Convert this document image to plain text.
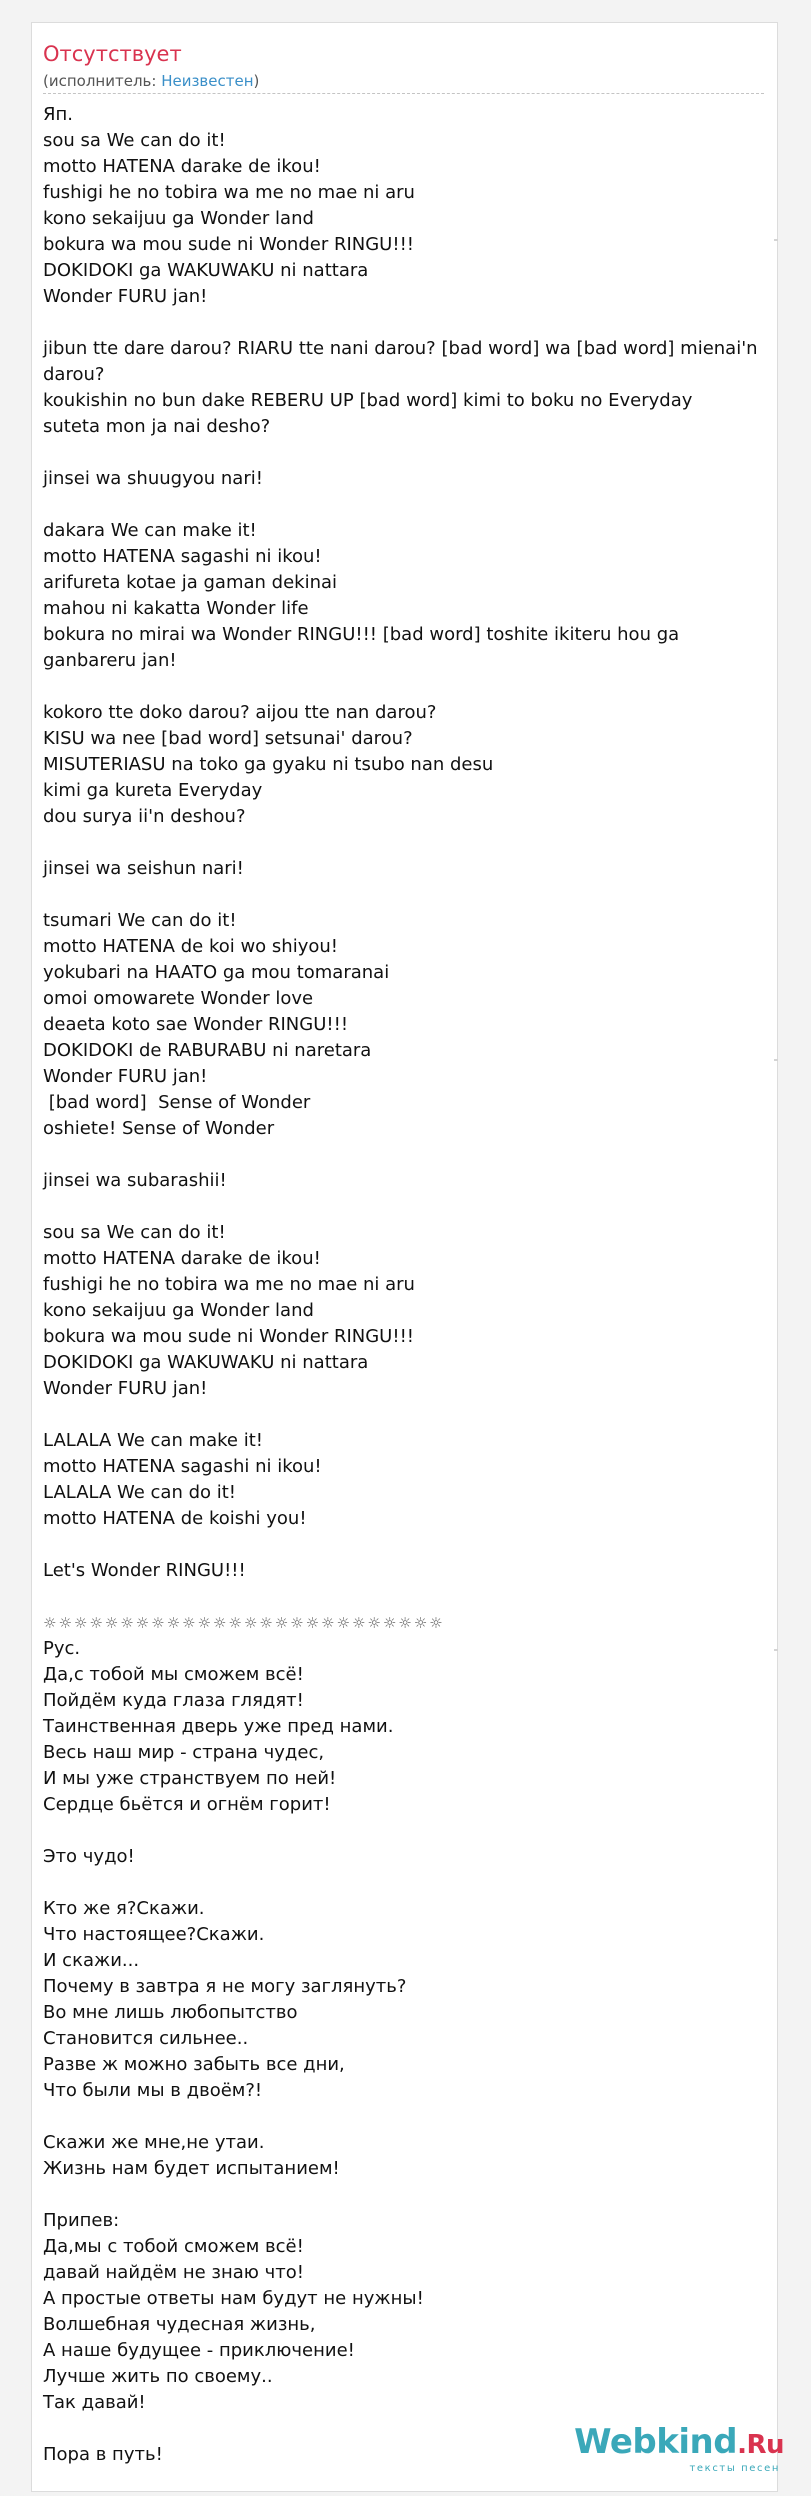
Отсутствует
(исполнитель: Неизвестен)
Яп.
sou sa We can do it!
motto HATENA darake de ikou!
fushigi he no tobira wa me no mae ni aru
kono sekaijuu ga Wonder land
bokura wa mou sude ni Wonder RINGU!!!
DOKIDOKI ga WAKUWAKU ni nattara
Wonder FURU jan!
jibun tte dare darou? RIARU tte nani darou? [bad word] wa [bad word] mienai'n darou?
koukishin no bun dake REBERU UP [bad word] kimi to boku no Everyday
suteta mon ja nai desho?
jinsei wa shuugyou nari!
dakara We can make it!
motto HATENA sagashi ni ikou!
arifureta kotae ja gaman dekinai
mahou ni kakatta Wonder life
bokura no mirai wa Wonder RINGU!!! [bad word] toshite ikiteru hou ga
ganbareru jan!
kokoro tte doko darou? aijou tte nan darou?
KISU wa nee [bad word] setsunai' darou?
MISUTERIASU na toko ga gyaku ni tsubo nan desu
kimi ga kureta Everyday
dou surya ii'n deshou?
jinsei wa seishun nari!
tsumari We can do it!
motto HATENA de koi wo shiyou!
yokubari na HAATO ga mou tomaranai
omoi omowarete Wonder love
deaeta koto sae Wonder RINGU!!!
DOKIDOKI de RABURABU ni naretara
Wonder FURU jan!
[bad word]  Sense of Wonder
oshiete! Sense of Wonder
jinsei wa subarashii!
sou sa We can do it!
motto HATENA darake de ikou!
fushigi he no tobira wa me no mae ni aru
kono sekaijuu ga Wonder land
bokura wa mou sude ni Wonder RINGU!!!
DOKIDOKI ga WAKUWAKU ni nattara
Wonder FURU jan!
LALALA We can make it!
motto HATENA sagashi ni ikou!
LALALA We can do it!
motto HATENA de koishi you!
Let's Wonder RINGU!!!
☼☼☼☼☼☼☼☼☼☼☼☼☼☼☼☼☼☼☼☼☼☼☼☼☼☼
Рус.
Да,с тобой мы сможем всё!
Пойдём куда глаза глядят!
Таинственная дверь уже пред нами.
Весь наш мир - страна чудес,
И мы уже странствуем по ней!
Сердце бьётся и огнём горит!
Это чудо!
Кто же я?Скажи.
Что настоящее?Скажи.
И скажи...
Почему в завтра я не могу заглянуть?
Во мне лишь любопытство
Становится сильнее..
Разве ж можно забыть все дни,
Что были мы в двоём?!
Скажи же мне,не утаи.
Жизнь нам будет испытанием!
Припев:
Да,мы с тобой сможем всё!
давай найдём не знаю что!
А простые ответы нам будут не нужны!
Волшебная чудесная жизнь,
А наше будущее - приключение!
Лучше жить по своему..
Так давай!
Пора в путь!	Webkind.Ru
тексты песен
